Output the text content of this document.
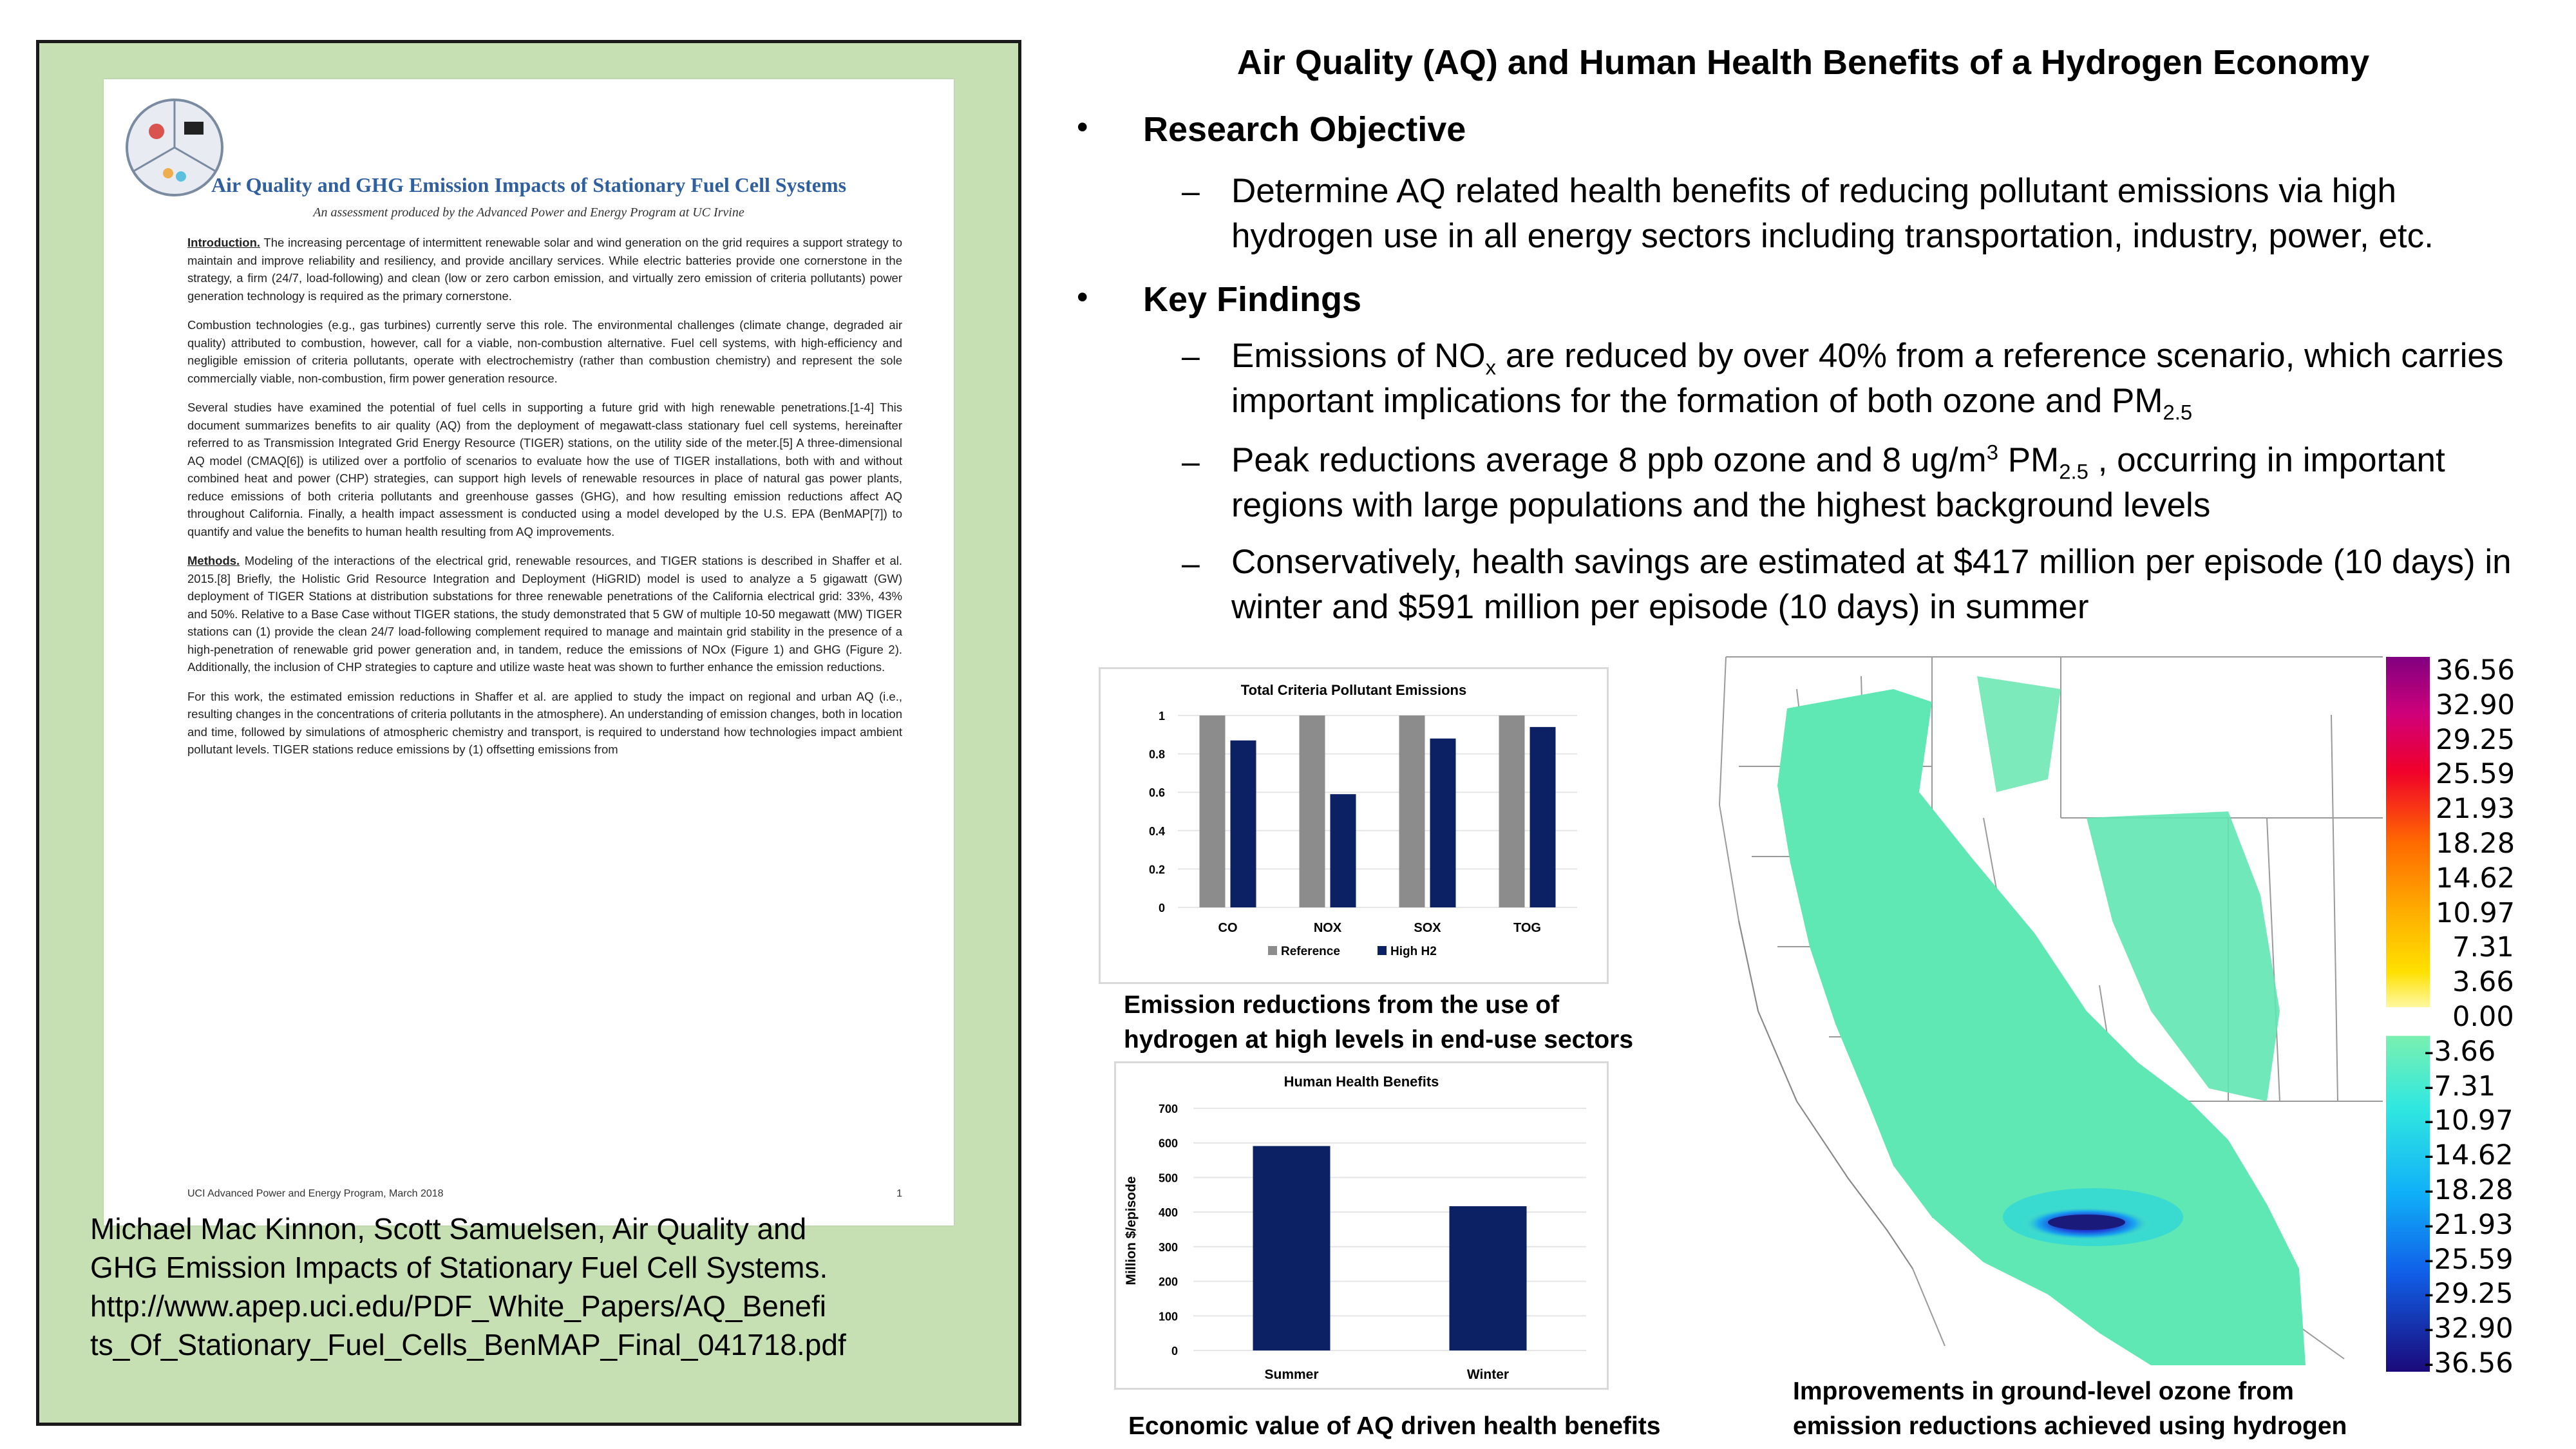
Air Quality and GHG Emission Impacts of Stationary Fuel Cell Systems
An assessment produced by the Advanced Power and Energy Program at UC Irvine

Introduction. The increasing percentage of intermittent renewable solar and wind generation on the grid requires a support strategy to maintain and improve reliability and resiliency, and provide ancillary services. While electric batteries provide one cornerstone in the strategy, a firm (24/7, load-following) and clean (low or zero carbon emission, and virtually zero emission of criteria pollutants) power generation technology is required as the primary cornerstone.

Combustion technologies (e.g., gas turbines) currently serve this role. The environmental challenges (climate change, degraded air quality) attributed to combustion, however, call for a viable, non-combustion alternative. Fuel cell systems, with high-efficiency and negligible emission of criteria pollutants, operate with electrochemistry (rather than combustion chemistry) and represent the sole commercially viable, non-combustion, firm power generation resource.

Several studies have examined the potential of fuel cells in supporting a future grid with high renewable penetrations.[1-4] This document summarizes benefits to air quality (AQ) from the deployment of megawatt-class stationary fuel cell systems, hereinafter referred to as Transmission Integrated Grid Energy Resource (TIGER) stations, on the utility side of the meter.[5] A three-dimensional AQ model (CMAQ[6]) is utilized over a portfolio of scenarios to evaluate how the use of TIGER installations, both with and without combined heat and power (CHP) strategies, can support high levels of renewable resources in place of natural gas power plants, reduce emissions of both criteria pollutants and greenhouse gasses (GHG), and how resulting emission reductions affect AQ throughout California. Finally, a health impact assessment is conducted using a model developed by the U.S. EPA (BenMAP[7]) to quantify and value the benefits to human health resulting from AQ improvements.

Methods. Modeling of the interactions of the electrical grid, renewable resources, and TIGER stations is described in Shaffer et al. 2015.[8] Briefly, the Holistic Grid Resource Integration and Deployment (HiGRID) model is used to analyze a 5 gigawatt (GW) deployment of TIGER Stations at distribution substations for three renewable penetrations of the California electrical grid: 33%, 43% and 50%. Relative to a Base Case without TIGER stations, the study demonstrated that 5 GW of multiple 10-50 megawatt (MW) TIGER stations can (1) provide the clean 24/7 load-following complement required to manage and maintain grid stability in the presence of a high-penetration of renewable grid power generation and, in tandem, reduce the emissions of NOx (Figure 1) and GHG (Figure 2). Additionally, the inclusion of CHP strategies to capture and utilize waste heat was shown to further enhance the emission reductions.

For this work, the estimated emission reductions in Shaffer et al. are applied to study the impact on regional and urban AQ (i.e., resulting changes in the concentrations of criteria pollutants in the atmosphere). An understanding of emission changes, both in location and time, followed by simulations of atmospheric chemistry and transport, is required to understand how technologies impact ambient pollutant levels. TIGER stations reduce emissions by (1) offsetting emissions from

UCI Advanced Power and Energy Program, March 2018	1
Michael Mac Kinnon, Scott Samuelsen, Air Quality and
GHG Emission Impacts of Stationary Fuel Cell Systems.
http://www.apep.uci.edu/PDF_White_Papers/AQ_Benefi
ts_Of_Stationary_Fuel_Cells_BenMAP_Final_041718.pdf
Air Quality (AQ) and Human Health Benefits of a Hydrogen Economy
• Research Objective
– Determine AQ related health benefits of reducing pollutant emissions via high
hydrogen use in all energy sectors including transportation, industry, power, etc.
• Key Findings
– Emissions of $NO_x$ are reduced by over 40% from a reference scenario, which carries
important implications for the formation of both ozone and $PM_{2.5}$
– Peak reductions average 8 ppb ozone and 8 $ug/m^3$ $PM_{2.5}$ , occurring in important
regions with large populations and the highest background levels
– Conservatively, health savings are estimated at $417 million per episode (10 days) in
winter and $591 million per episode (10 days) in summer
Total Criteria Pollutant Emissions
0
0.2
0.4
0.6
0.8
1
CO	NOX	SOX	TOG
Reference	High H2
Emission reductions from the use of
hydrogen at high levels in end-use sectors
Human Health Benefits
Million $/episode
0
100
200
300
400
500
600
700
Summer	Winter
Economic value of AQ driven health benefits
36.56
32.90
29.25
25.59
21.93
18.28
14.62
10.97
7.31
3.66
0.00
-3.66
-7.31
-10.97
-14.62
-18.28
-21.93
-25.59
-29.25
-32.90
-36.56
Improvements in ground-level ozone from
emission reductions achieved using hydrogen
